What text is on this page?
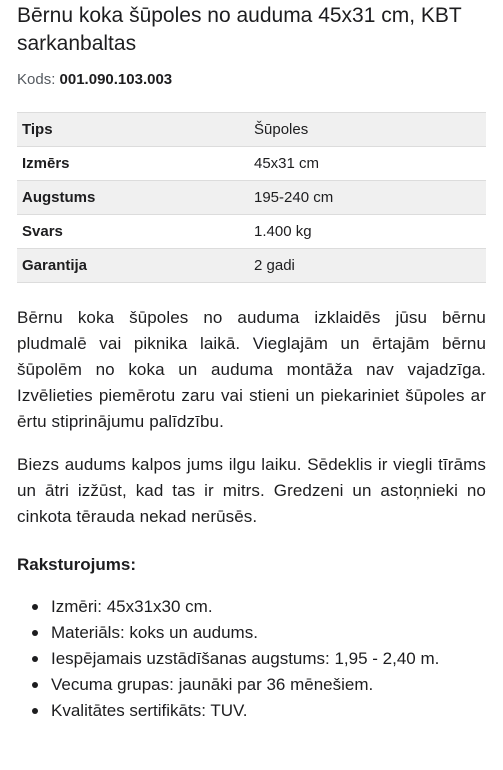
Bērnu koka šūpoles no auduma 45x31 cm, KBT sarkanbaltas
Kods: 001.090.103.003
Tips	Šūpoles
Izmērs	45x31 cm
Augstums	195-240 cm
Svars	1.400 kg
Garantija	2 gadi

Bērnu koka šūpoles no auduma izklaidēs jūsu bērnu pludmalē vai piknika laikā. Vieglajām un ērtajām bērnu šūpolēm no koka un auduma montāža nav vajadzīga. Izvēlieties piemērotu zaru vai stieni un piekariniet šūpoles ar ērtu stiprinājumu palīdzību.

Biezs audums kalpos jums ilgu laiku. Sēdeklis ir viegli tīrāms un ātri izžūst, kad tas ir mitrs. Gredzeni un astoņnieki no cinkota tērauda nekad nerūsēs.

Raksturojums:
Izmēri: 45x31x30 cm.
Materiāls: koks un audums.
Iespējamais uzstādīšanas augstums: 1,95 - 2,40 m.
Vecuma grupas: jaunāki par 36 mēnešiem.
Kvalitātes sertifikāts: TUV.
